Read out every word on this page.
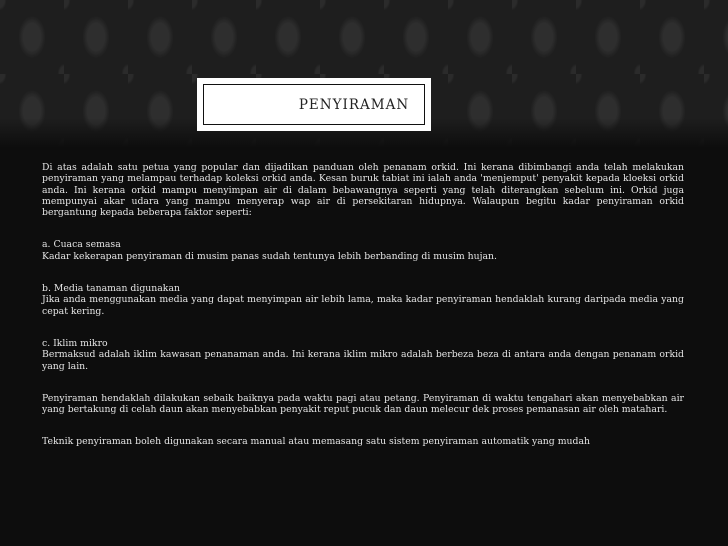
PENYIRAMAN

Di atas adalah satu petua yang popular dan dijadikan panduan oleh penanam orkid. Ini kerana dibimbangi anda telah melakukan penyiraman yang melampau terhadap koleksi orkid anda. Kesan buruk tabiat ini ialah anda 'menjemput' penyakit kepada kloeksi orkid anda. Ini kerana orkid mampu menyimpan air di dalam bebawangnya seperti yang telah diterangkan sebelum ini. Orkid juga mempunyai akar udara yang mampu menyerap wap air di persekitaran hidupnya. Walaupun begitu kadar penyiraman orkid bergantung kepada beberapa faktor seperti:

a. Cuaca semasa

Kadar kekerapan penyiraman di musim panas sudah tentunya lebih berbanding di musim hujan.

b. Media tanaman digunakan

Jika anda menggunakan media yang dapat menyimpan air lebih lama, maka kadar penyiraman hendaklah kurang daripada media yang cepat kering.

c. Iklim mikro

Bermaksud adalah iklim kawasan penanaman anda. Ini kerana iklim mikro adalah berbeza beza di antara anda dengan penanam orkid yang lain.

Penyiraman hendaklah dilakukan sebaik baiknya pada waktu pagi atau petang. Penyiraman di waktu tengahari akan menyebabkan air yang bertakung di celah daun akan menyebabkan penyakit reput pucuk dan daun melecur dek proses pemanasan air oleh matahari.

Teknik penyiraman boleh digunakan secara manual atau memasang satu sistem penyiraman automatik yang mudah
